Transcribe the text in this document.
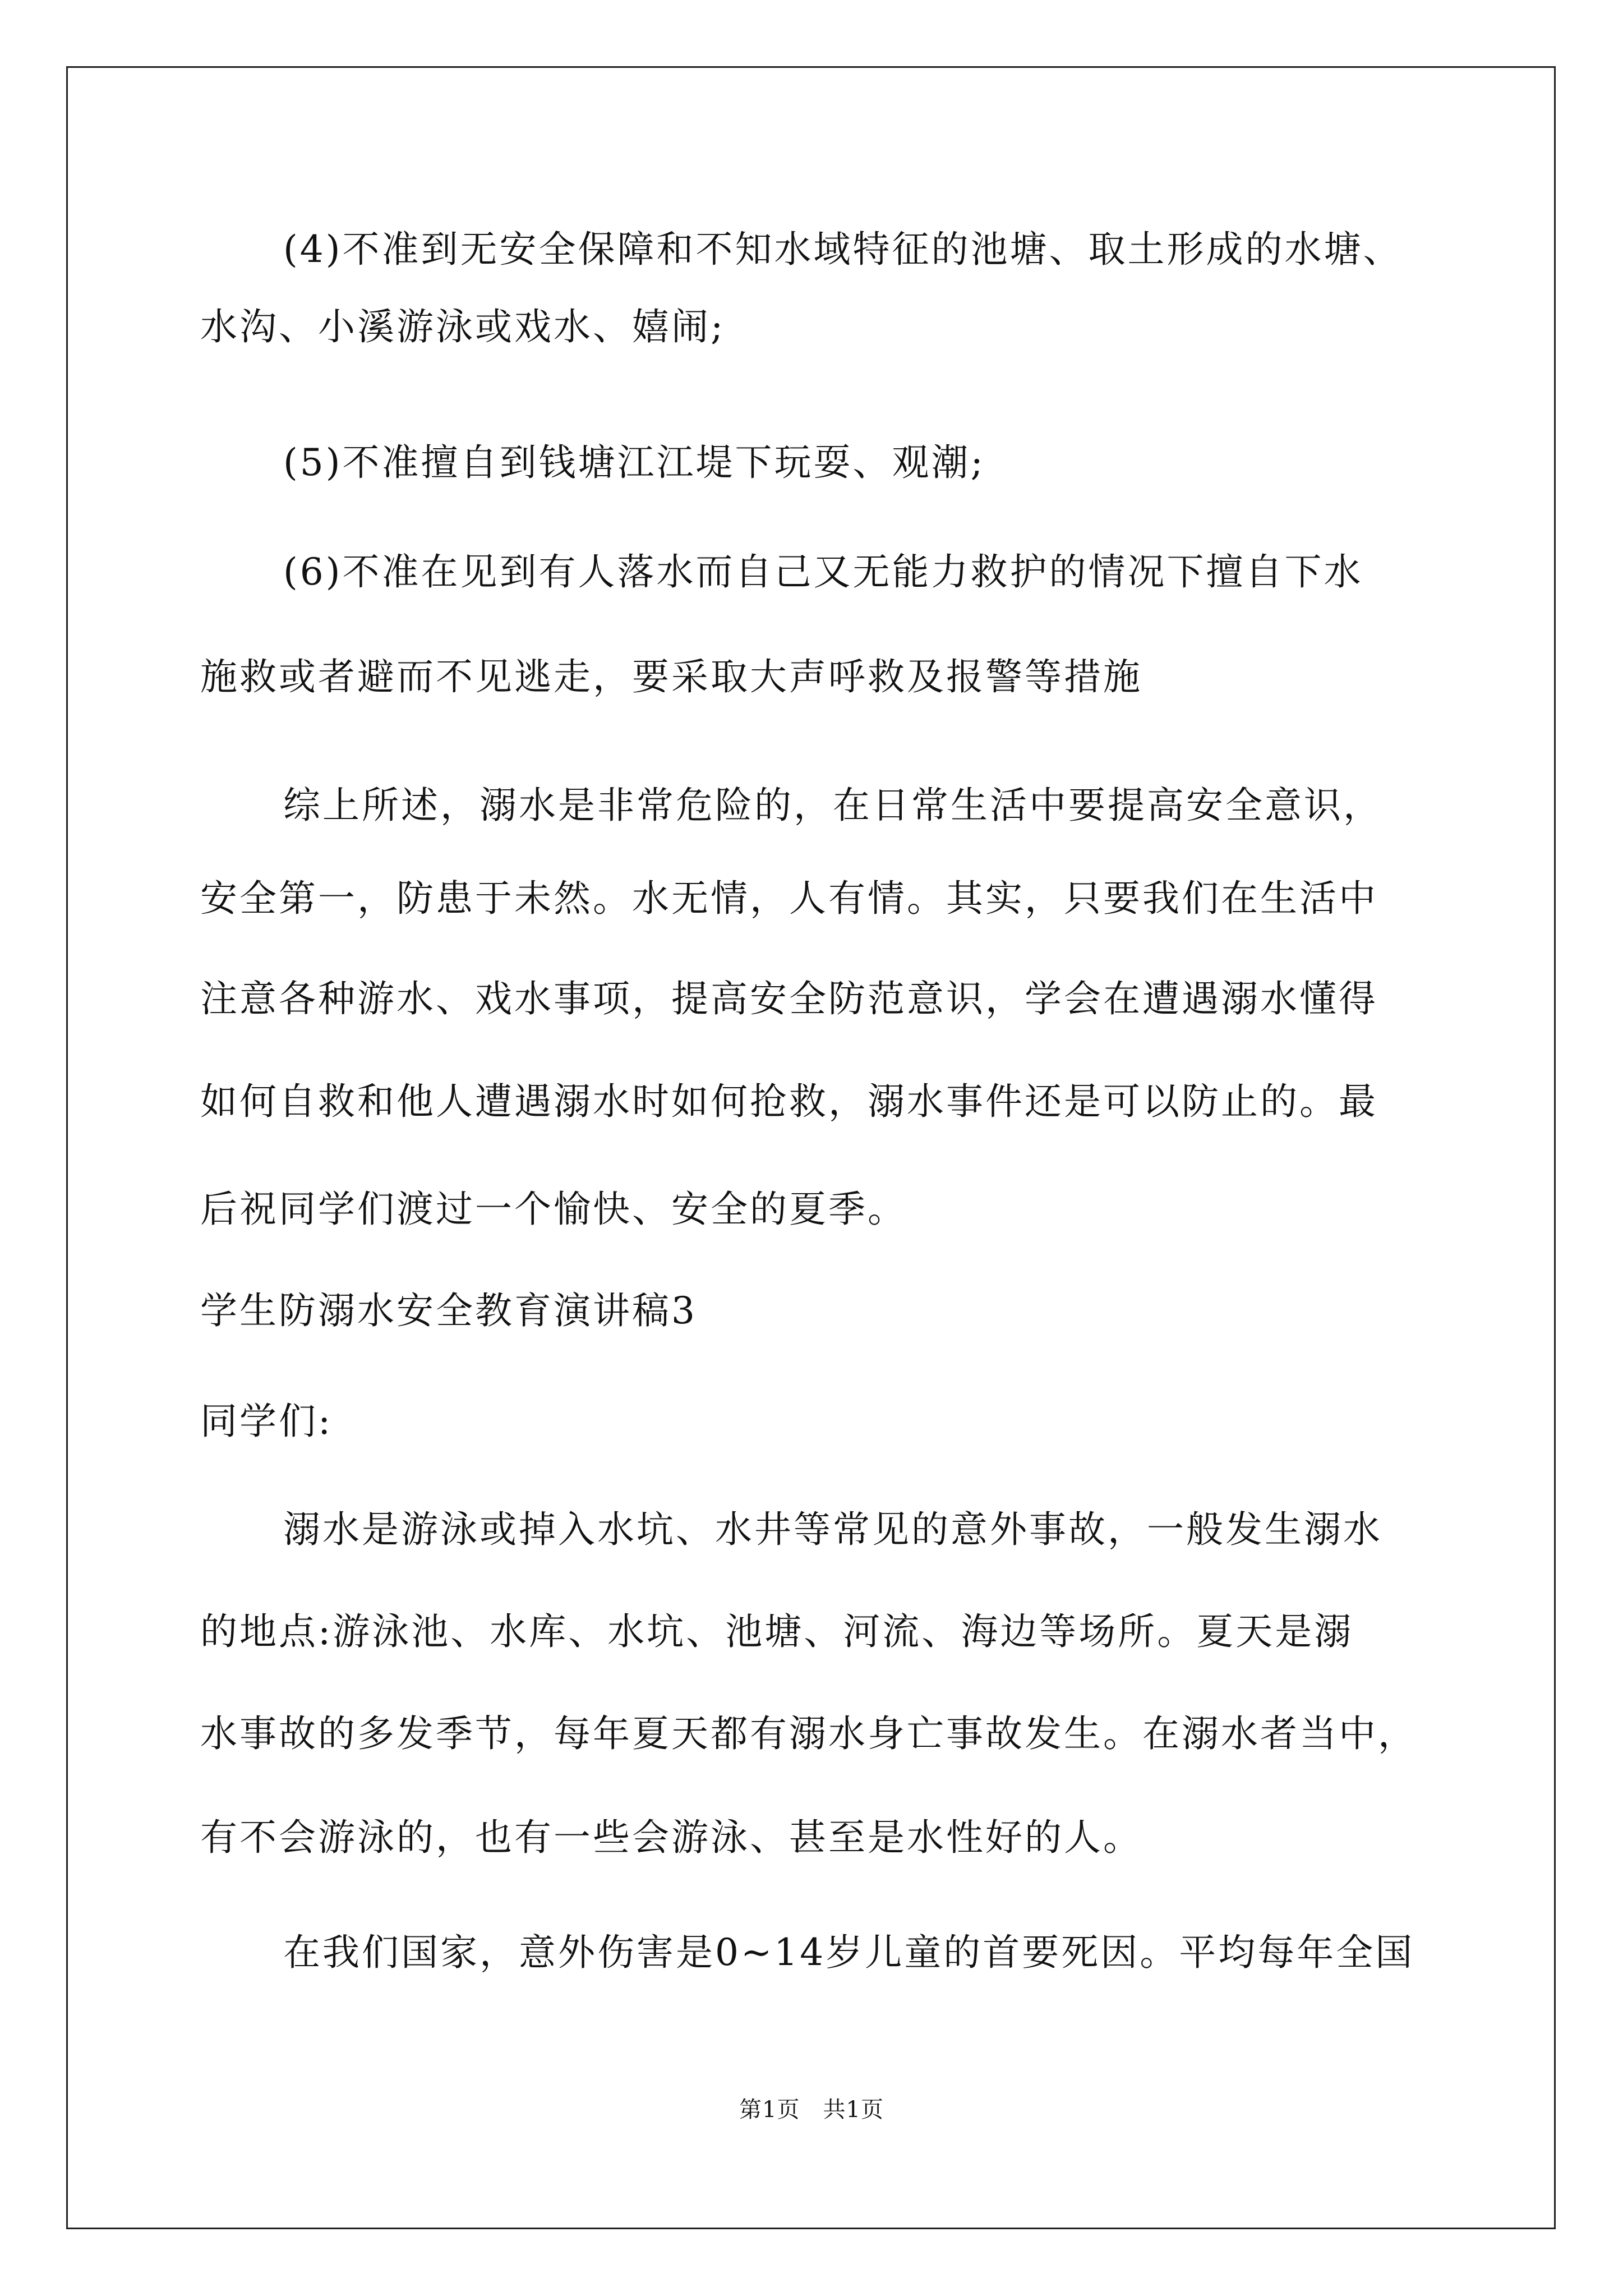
(4)不准到无安全保障和不知水域特征的池塘、取土形成的水塘、
水沟、小溪游泳或戏水、嬉闹;
(5)不准擅自到钱塘江江堤下玩耍、观潮;
(6)不准在见到有人落水而自己又无能力救护的情况下擅自下水
施救或者避而不见逃走，要采取大声呼救及报警等措施
综上所述，溺水是非常危险的，在日常生活中要提高安全意识，
安全第一，防患于未然。水无情，人有情。其实，只要我们在生活中
注意各种游水、戏水事项，提高安全防范意识，学会在遭遇溺水懂得
如何自救和他人遭遇溺水时如何抢救，溺水事件还是可以防止的。最
后祝同学们渡过一个愉快、安全的夏季。
学生防溺水安全教育演讲稿3
同学们:
溺水是游泳或掉入水坑、水井等常见的意外事故，一般发生溺水
的地点:游泳池、水库、水坑、池塘、河流、海边等场所。夏天是溺
水事故的多发季节，每年夏天都有溺水身亡事故发生。在溺水者当中，
有不会游泳的，也有一些会游泳、甚至是水性好的人。
在我们国家，意外伤害是0~14岁儿童的首要死因。平均每年全国
第1页　共1页
